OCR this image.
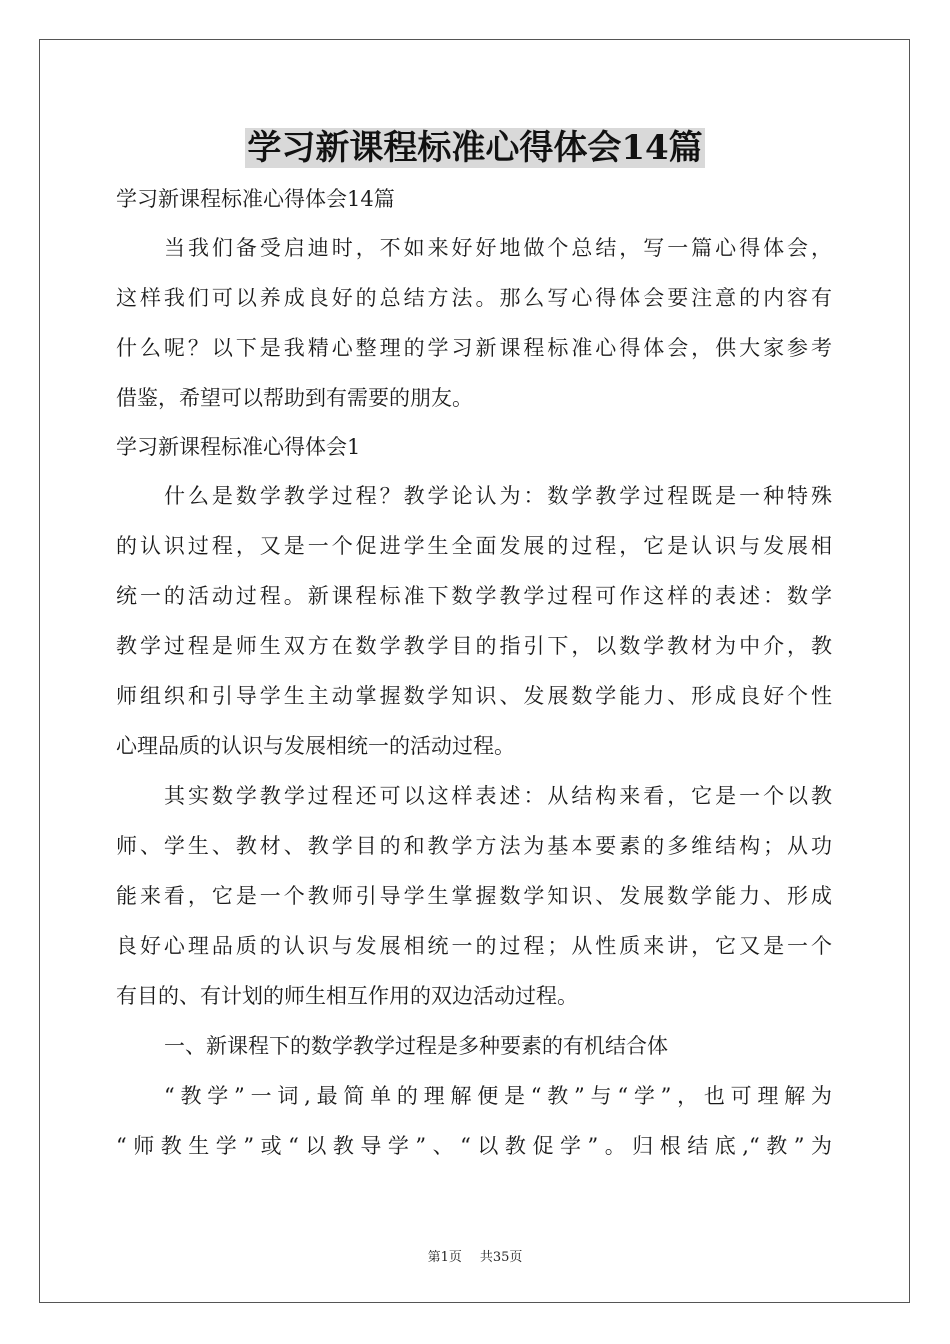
学习新课程标准心得体会14篇
学习新课程标准心得体会14篇
当我们备受启迪时，不如来好好地做个总结，写一篇心得体会，
这样我们可以养成良好的总结方法。那么写心得体会要注意的内容有
什么呢？以下是我精心整理的学习新课程标准心得体会，供大家参考
借鉴，希望可以帮助到有需要的朋友。
学习新课程标准心得体会1
什么是数学教学过程？教学论认为：数学教学过程既是一种特殊
的认识过程，又是一个促进学生全面发展的过程，它是认识与发展相
统一的活动过程。新课程标准下数学教学过程可作这样的表述：数学
教学过程是师生双方在数学教学目的指引下，以数学教材为中介，教
师组织和引导学生主动掌握数学知识、发展数学能力、形成良好个性
心理品质的认识与发展相统一的活动过程。
其实数学教学过程还可以这样表述：从结构来看，它是一个以教
师、学生、教材、教学目的和教学方法为基本要素的多维结构；从功
能来看，它是一个教师引导学生掌握数学知识、发展数学能力、形成
良好心理品质的认识与发展相统一的过程；从性质来讲，它又是一个
有目的、有计划的师生相互作用的双边活动过程。
一、新课程下的数学教学过程是多种要素的有机结合体
“教学”一词,最简单的理解便是“教”与“学”，也可理解为
“师教生学”或“以教导学”、“以教促学”。归根结底,“教”为
第1页 共35页
